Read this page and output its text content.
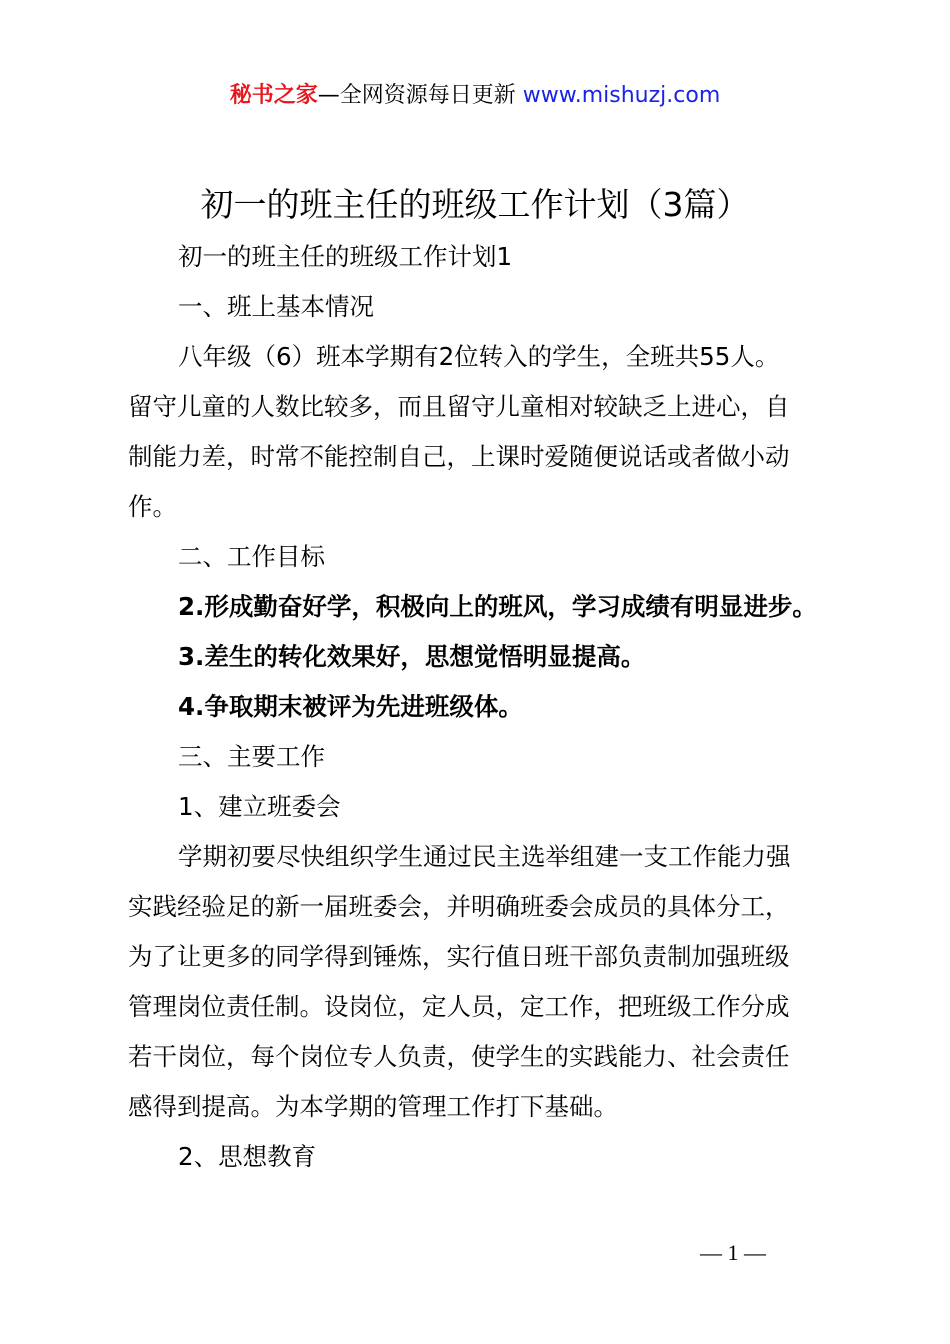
秘书之家—全网资源每日更新 www.mishuzj.com
初一的班主任的班级工作计划（3篇）
初一的班主任的班级工作计划1
一、班上基本情况
八年级（6）班本学期有2位转入的学生，全班共55人。
留守儿童的人数比较多，而且留守儿童相对较缺乏上进心，自
制能力差，时常不能控制自己，上课时爱随便说话或者做小动
作。
二、工作目标
2.形成勤奋好学，积极向上的班风，学习成绩有明显进步。
3.差生的转化效果好，思想觉悟明显提高。
4.争取期末被评为先进班级体。
三、主要工作
1、建立班委会
学期初要尽快组织学生通过民主选举组建一支工作能力强
实践经验足的新一届班委会，并明确班委会成员的具体分工，
为了让更多的同学得到锤炼，实行值日班干部负责制加强班级
管理岗位责任制。设岗位，定人员，定工作，把班级工作分成
若干岗位，每个岗位专人负责，使学生的实践能力、社会责任
感得到提高。为本学期的管理工作打下基础。
2、思想教育
— 1 —
